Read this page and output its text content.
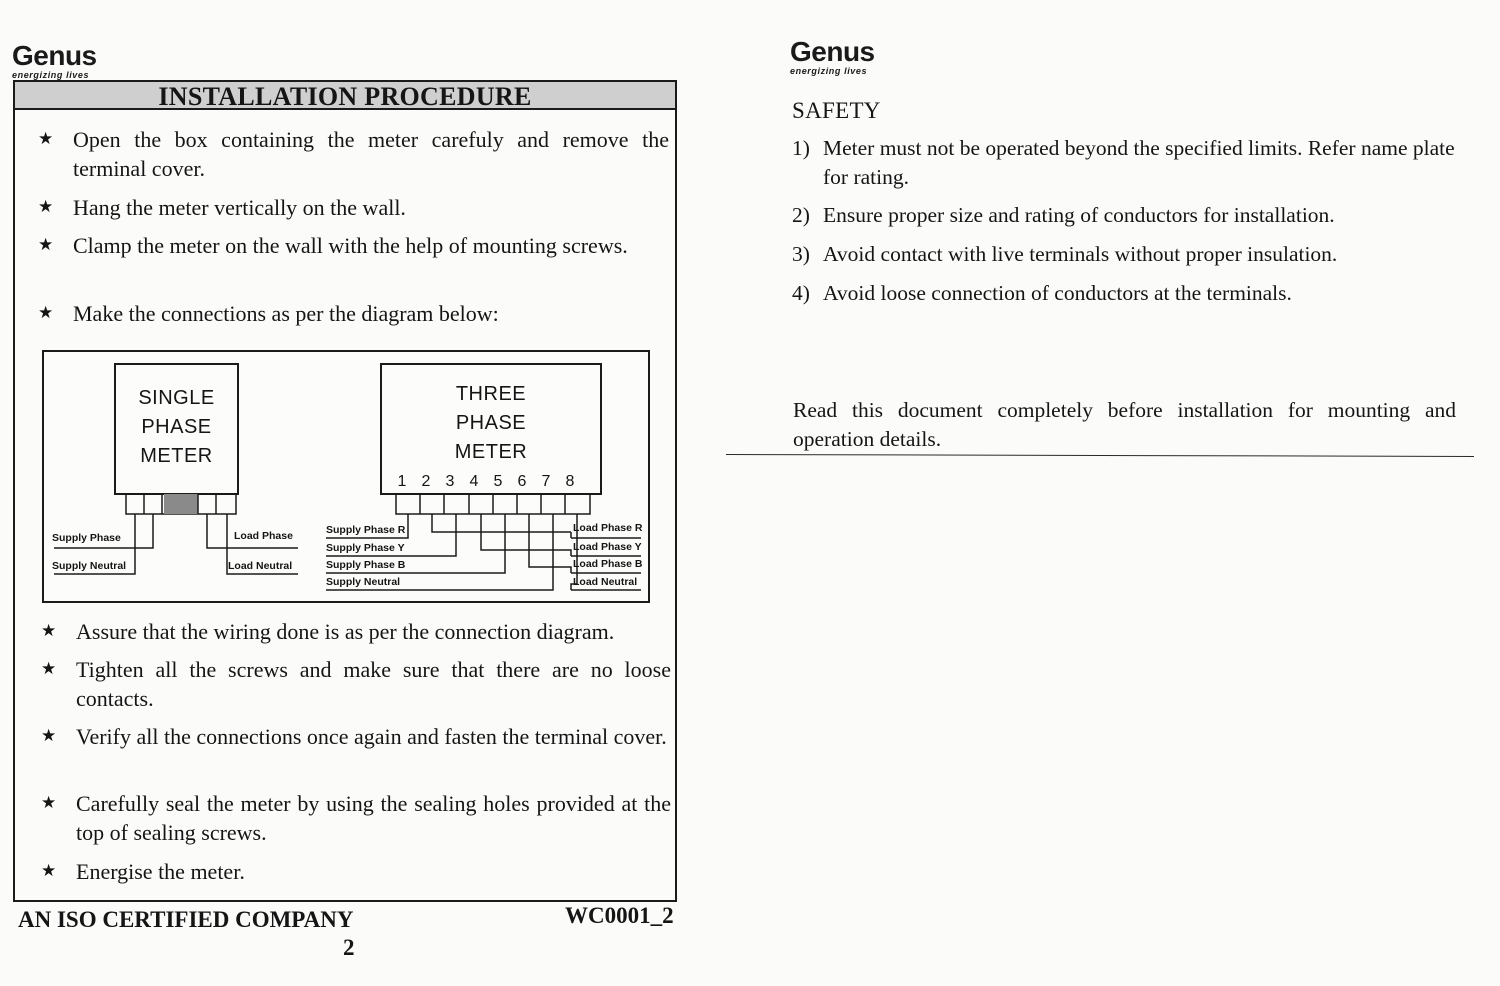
Genus
energizing lives
INSTALLATION PROCEDURE
★ Open the box containing the meter carefuly and remove the terminal cover.
★ Hang the meter vertically on the wall.
★ Clamp the meter on the wall with the help of mounting screws.
★ Make the connections as per the diagram below:
SINGLE
PHASE
METER
Supply Phase
Supply Neutral
Load Phase
Load Neutral
THREE
PHASE
METER
1 2 3 4 5 6 7 8
Supply Phase R
Supply Phase Y
Supply Phase B
Supply Neutral
Load Phase R
Load Phase Y
Load Phase B
Load Neutral
★ Assure that the wiring done is as per the connection diagram.
★ Tighten all the screws and make sure that there are no loose contacts.
★ Verify all the connections once again and fasten the terminal cover.
★ Carefully seal the meter by using the sealing holes provided at the top of sealing screws.
★ Energise the meter.
AN ISO CERTIFIED COMPANY	WC0001_2
2
Genus
energizing lives
SAFETY
1) Meter must not be operated beyond the specified limits. Refer name plate for rating.
2) Ensure proper size and rating of conductors for installation.
3) Avoid contact with live terminals without proper insulation.
4) Avoid loose connection of conductors at the terminals.
Read this document completely before installation for mounting and operation details.
